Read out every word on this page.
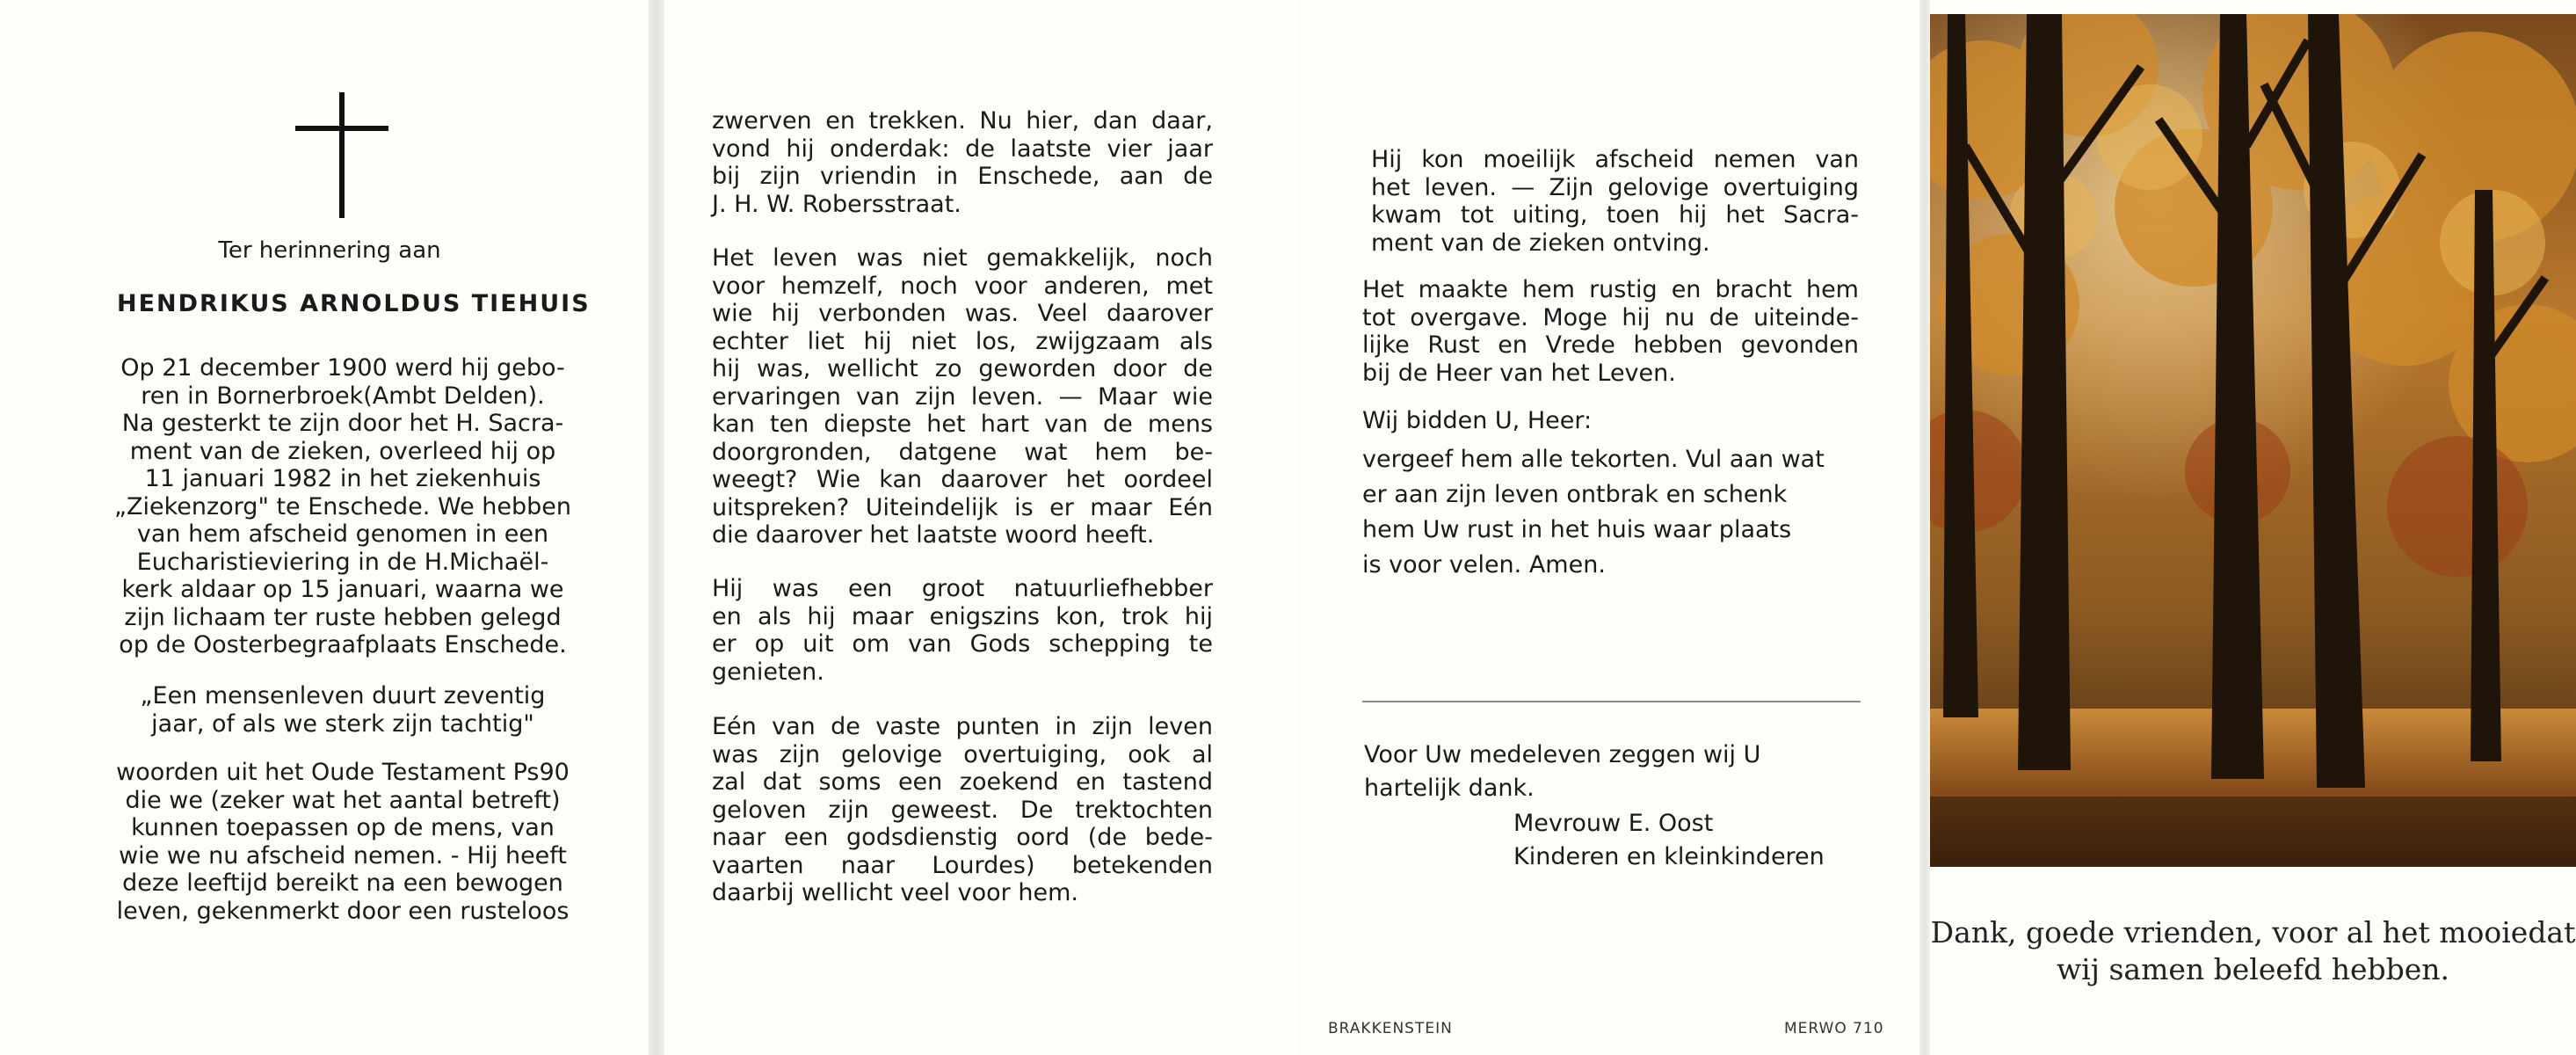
Ter herinnering aan
HENDRIKUS ARNOLDUS TIEHUIS
Op 21 december 1900 werd hij gebo-
ren in Bornerbroek(Ambt Delden).
Na gesterkt te zijn door het H. Sacra-
ment van de zieken, overleed hij op
11 januari 1982 in het ziekenhuis
„Ziekenzorg" te Enschede. We hebben
van hem afscheid genomen in een
Eucharistieviering in de H.Michaël-
kerk aldaar op 15 januari, waarna we
zijn lichaam ter ruste hebben gelegd
op de Oosterbegraafplaats Enschede.
„Een mensenleven duurt zeventig
jaar, of als we sterk zijn tachtig"
woorden uit het Oude Testament Ps90
die we (zeker wat het aantal betreft)
kunnen toepassen op de mens, van
wie we nu afscheid nemen. - Hij heeft
deze leeftijd bereikt na een bewogen
leven, gekenmerkt door een rusteloos
zwerven en trekken. Nu hier, dan daar,
vond hij onderdak: de laatste vier jaar
bij zijn vriendin in Enschede, aan de
J. H. W. Robersstraat.
Het leven was niet gemakkelijk, noch
voor hemzelf, noch voor anderen, met
wie hij verbonden was. Veel daarover
echter liet hij niet los, zwijgzaam als
hij was, wellicht zo geworden door de
ervaringen van zijn leven. — Maar wie
kan ten diepste het hart van de mens
doorgronden, datgene wat hem be-
weegt? Wie kan daarover het oordeel
uitspreken? Uiteindelijk is er maar Eén
die daarover het laatste woord heeft.
Hij was een groot natuurliefhebber
en als hij maar enigszins kon, trok hij
er op uit om van Gods schepping te
genieten.
Eén van de vaste punten in zijn leven
was zijn gelovige overtuiging, ook al
zal dat soms een zoekend en tastend
geloven zijn geweest. De trektochten
naar een godsdienstig oord (de bede-
vaarten naar Lourdes) betekenden
daarbij wellicht veel voor hem.
Hij kon moeilijk afscheid nemen van
het leven. — Zijn gelovige overtuiging
kwam tot uiting, toen hij het Sacra-
ment van de zieken ontving.
Het maakte hem rustig en bracht hem
tot overgave. Moge hij nu de uiteinde-
lijke Rust en Vrede hebben gevonden
bij de Heer van het Leven.
Wij bidden U, Heer:
vergeef hem alle tekorten. Vul aan wat
er aan zijn leven ontbrak en schenk
hem Uw rust in het huis waar plaats
is voor velen. Amen.
Voor Uw medeleven zeggen wij U
hartelijk dank.
Mevrouw E. Oost
Kinderen en kleinkinderen
BRAKKENSTEIN	MERWO 710
Dank, goede vrienden, voor al het mooiedat wij samen beleefd hebben.
